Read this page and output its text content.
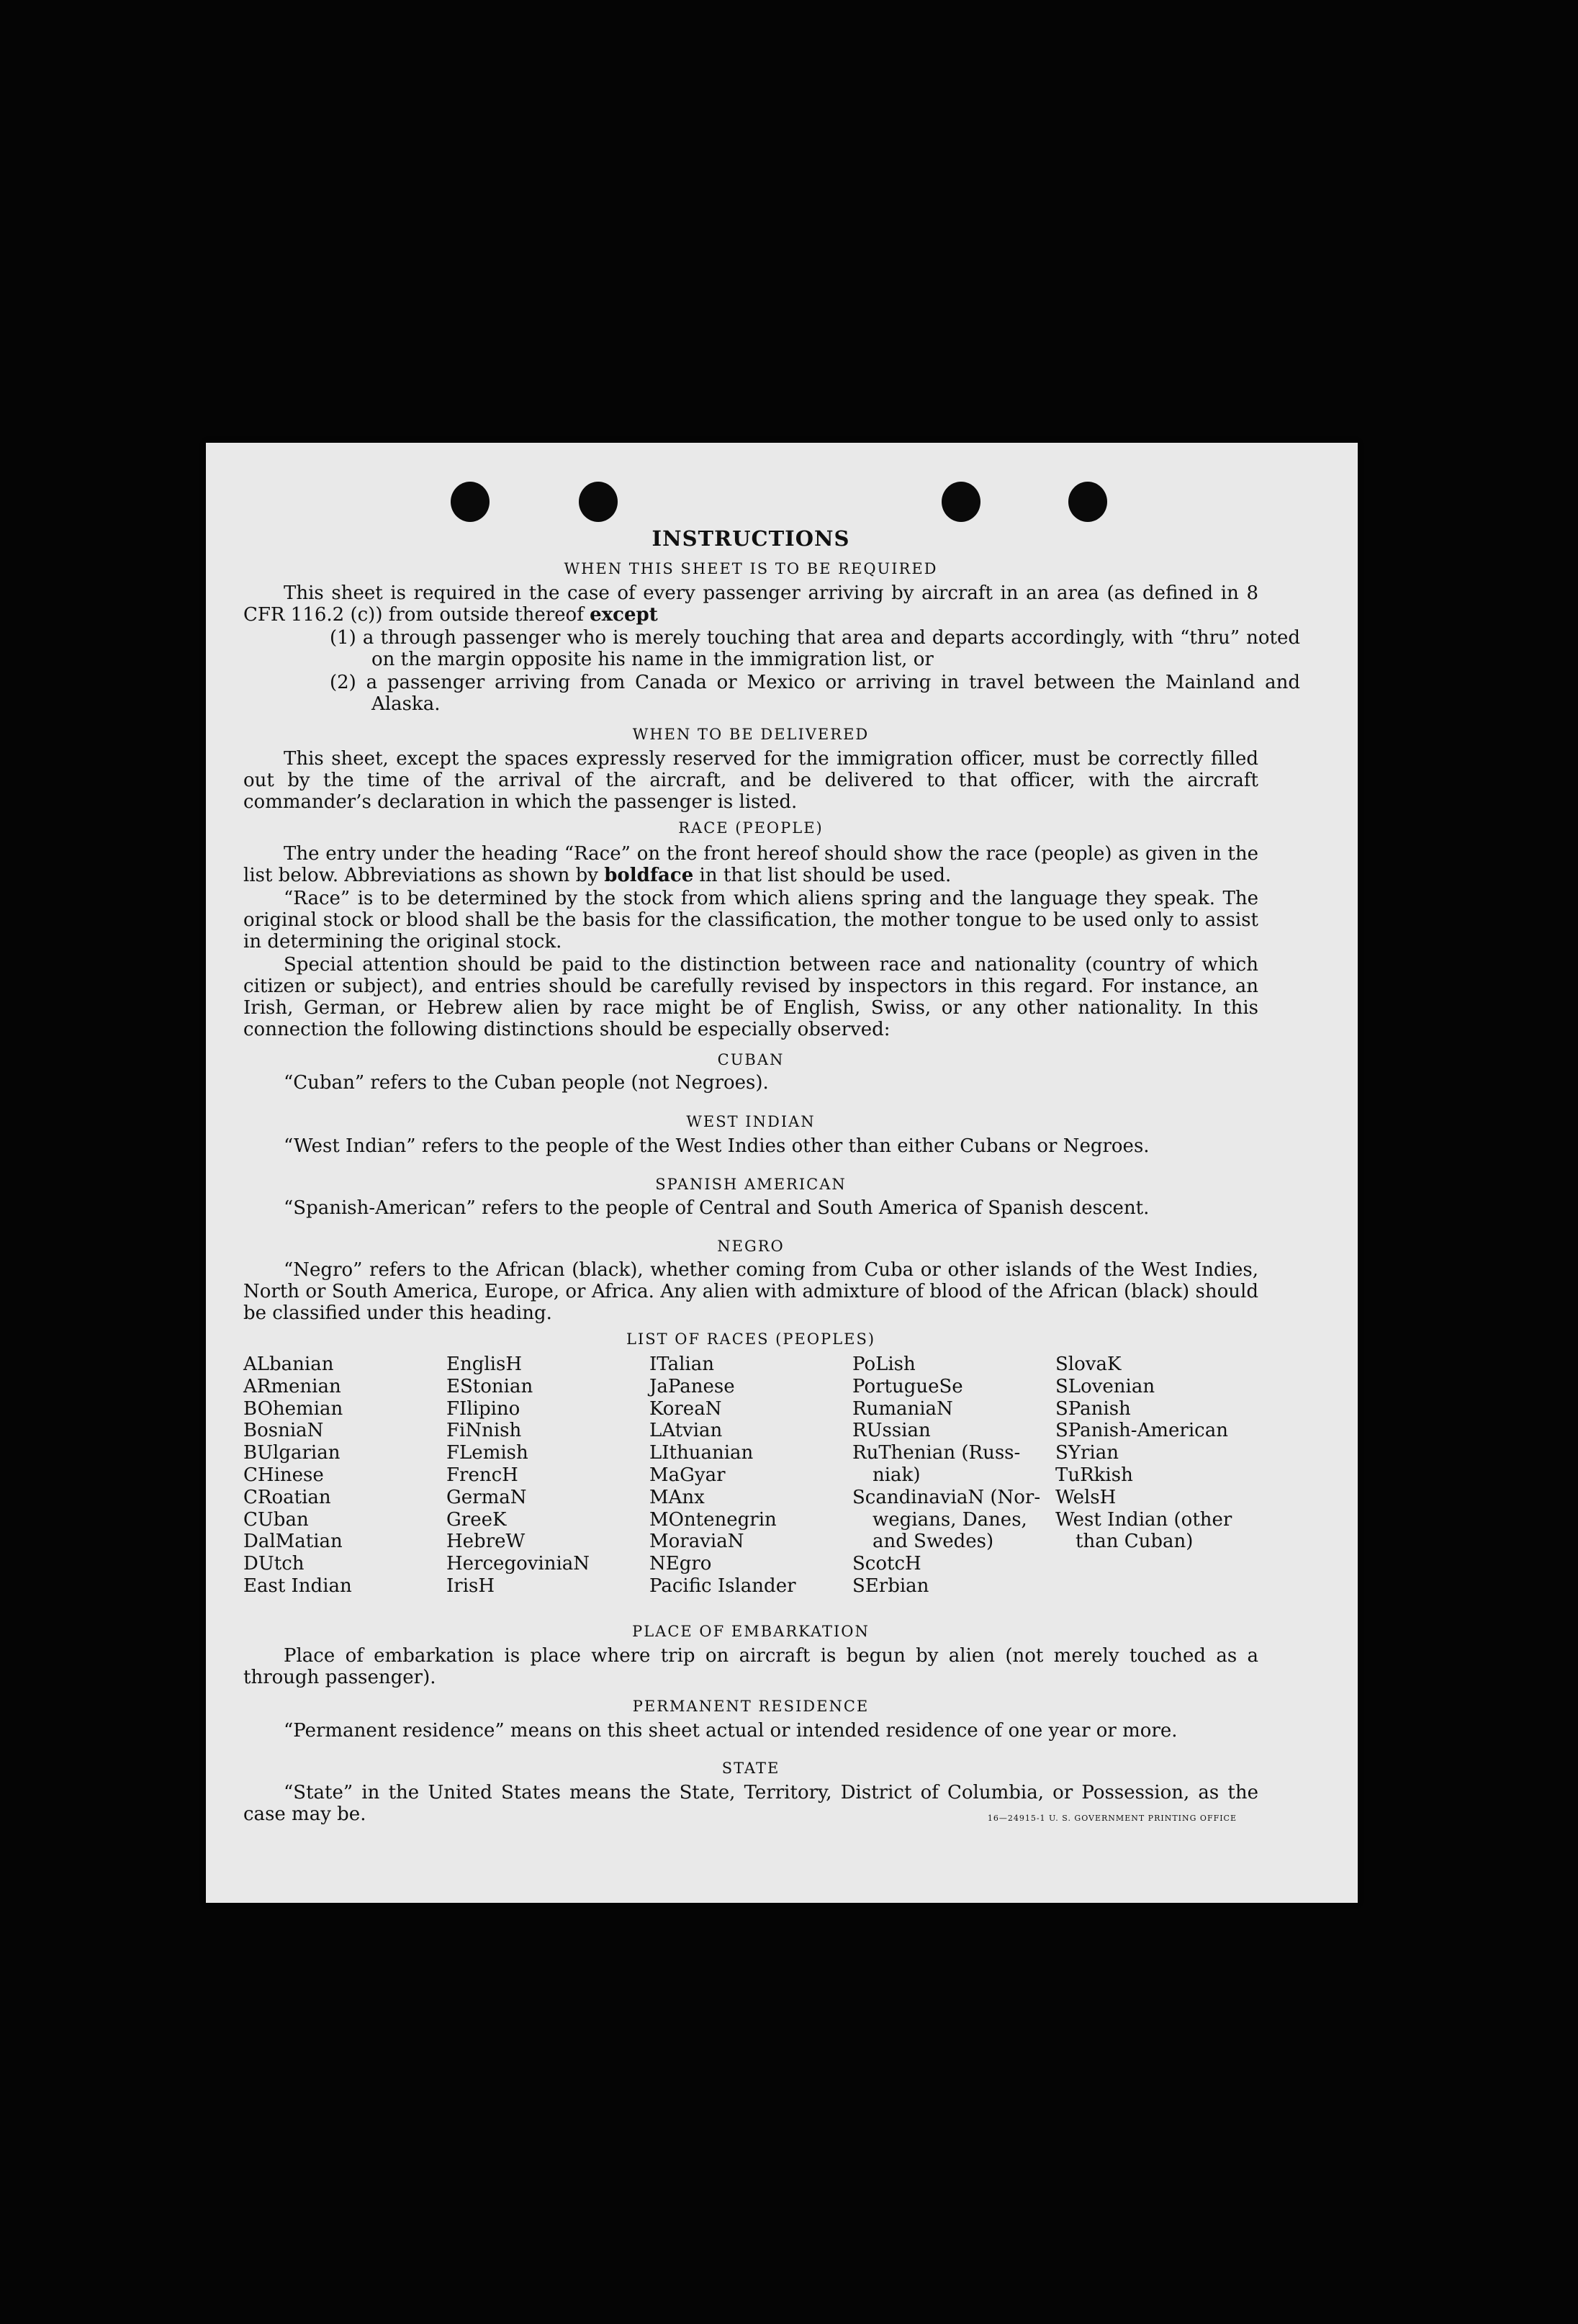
INSTRUCTIONS
WHEN THIS SHEET IS TO BE REQUIRED
This sheet is required in the case of every passenger arriving by aircraft in an area (as defined in 8 CFR 116.2 (c)) from outside thereof except
(1) a through passenger who is merely touching that area and departs accordingly, with “thru” noted on the margin opposite his name in the immigration list, or
(2) a passenger arriving from Canada or Mexico or arriving in travel between the Mainland and Alaska.
WHEN TO BE DELIVERED
This sheet, except the spaces expressly reserved for the immigration officer, must be correctly filled out by the time of the arrival of the aircraft, and be delivered to that officer, with the aircraft commander’s declaration in which the passenger is listed.
RACE (PEOPLE)
The entry under the heading “Race” on the front hereof should show the race (people) as given in the list below. Abbreviations as shown by boldface in that list should be used.
“Race” is to be determined by the stock from which aliens spring and the language they speak. The original stock or blood shall be the basis for the classification, the mother tongue to be used only to assist in determining the original stock.
Special attention should be paid to the distinction between race and nationality (country of which citizen or subject), and entries should be carefully revised by inspectors in this regard. For instance, an Irish, German, or Hebrew alien by race might be of English, Swiss, or any other nationality. In this connection the following distinctions should be especially observed:
CUBAN
“Cuban” refers to the Cuban people (not Negroes).
WEST INDIAN
“West Indian” refers to the people of the West Indies other than either Cubans or Negroes.
SPANISH AMERICAN
“Spanish-American” refers to the people of Central and South America of Spanish descent.
NEGRO
“Negro” refers to the African (black), whether coming from Cuba or other islands of the West Indies, North or South America, Europe, or Africa. Any alien with admixture of blood of the African (black) should be classified under this heading.
LIST OF RACES (PEOPLES)
ALbanian
ARmenian
BOhemian
BosniaN
BUlgarian
CHinese
CRoatian
CUban
DalMatian
DUtch
East Indian
EnglisH
EStonian
FIlipino
FiNnish
FLemish
FrencH
GermaN
GreeK
HebreW
HercegoviniaN
IrisH
ITalian
JaPanese
KoreaN
LAtvian
LIthuanian
MaGyar
MAnx
MOntenegrin
MoraviaN
NEgro
Pacific Islander
PoLish
PortugueSe
RumaniaN
RUssian
RuThenian (Russ-
niak)
ScandinaviaN (Nor-
wegians, Danes,
and Swedes)
ScotcH
SErbian
SlovaK
SLovenian
SPanish
SPanish-American
SYrian
TuRkish
WelsH
West Indian (other
than Cuban)
PLACE OF EMBARKATION
Place of embarkation is place where trip on aircraft is begun by alien (not merely touched as a through passenger).
PERMANENT RESIDENCE
“Permanent residence” means on this sheet actual or intended residence of one year or more.
STATE
“State” in the United States means the State, Territory, District of Columbia, or Possession, as the case may be.	16—24915-1 U. S. GOVERNMENT PRINTING OFFICE
